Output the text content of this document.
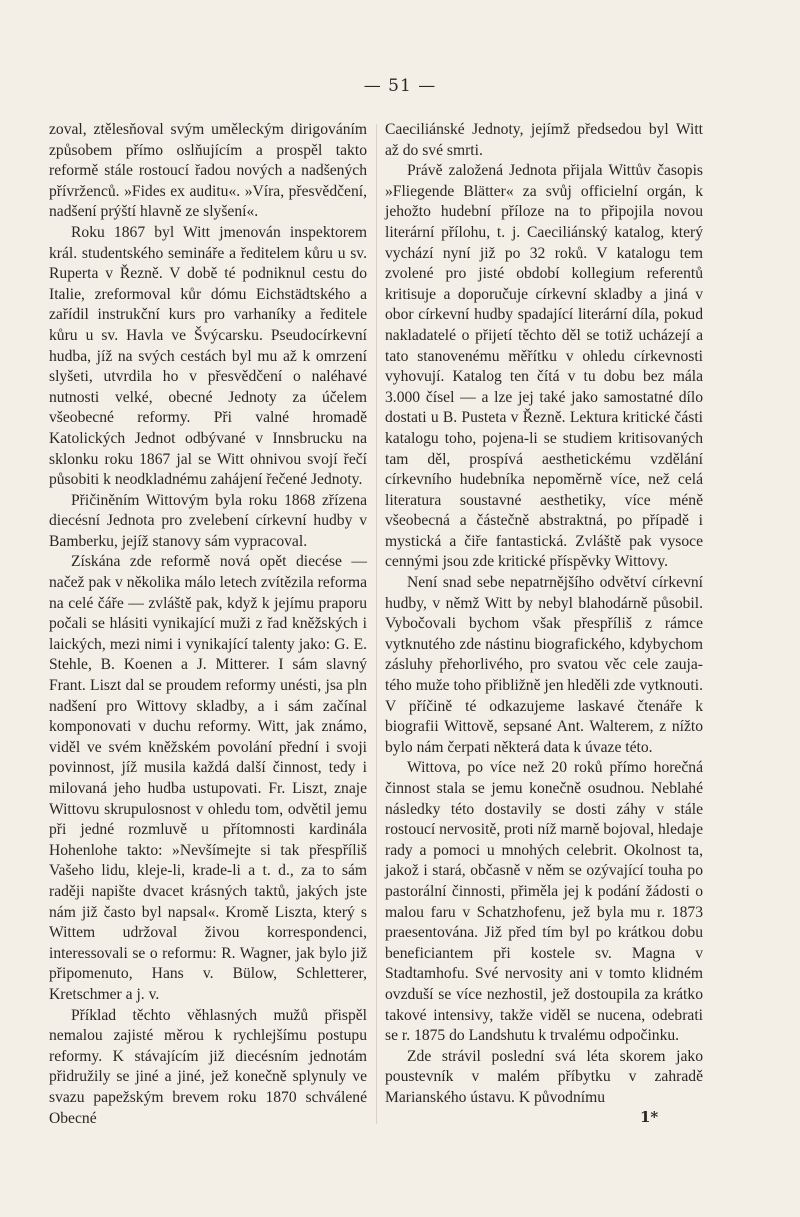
— 51 —

zoval, ztělesňoval svým uměleckým dirigováním způsobem přímo oslňujícím a prospěl takto reformě stále rostoucí řadou nových a nadšených přívrženců. »Fides ex auditu«. »Víra, přesvědčení, nadšení prýští hlavně ze slyšení«.

Roku 1867 byl Witt jmenován inspektorem král. studentského semináře a ředitelem kůru u sv. Ruperta v Řezně. V době té podniknul cestu do Italie, zreformoval kůr dómu Eichstädtského a zařídil instrukční kurs pro varhaníky a ředitele kůru u sv. Havla ve Švýcarsku. Pseudocírkevní hudba, jíž na svých cestách byl mu až k omrzení slyšeti, utvrdila ho v přesvědčení o naléhavé nutnosti velké, obecné Jednoty za účelem všeobecné reformy. Při valné hromadě Katolických Jednot odbývané v Innsbrucku na sklonku roku 1867 jal se Witt ohnivou svojí řečí působiti k neodkladnému zahájení řečené Jednoty.

Přičiněním Wittovým byla roku 1868 zřízena diecésní Jednota pro zvelebení církevní hudby v Bamberku, jejíž stanovy sám vypracoval.

Získána zde reformě nová opět diecése — načež pak v několika málo letech zvítězila reforma na celé čáře — zvláště pak, když k jejímu praporu počali se hlásiti vynikající muži z řad kněžských i laických, mezi nimi i vynikající talenty jako: G. E. Stehle, B. Koenen a J. Mitterer. I sám slavný Frant. Liszt dal se proudem reformy unésti, jsa pln nadšení pro Wittovy skladby, a i sám začínal komponovati v duchu reformy. Witt, jak známo, viděl ve svém kněžském povolání přední i svoji povinnost, jíž musila každá další činnost, tedy i milovaná jeho hudba ustupovati. Fr. Liszt, znaje Wittovu skrupulosnost v ohledu tom, odvětil jemu při jedné rozmluvě u přítomnosti kardinála Hohenlohe takto: »Nevšímejte si tak přespříliš Vašeho lidu, kleje-li, krade-li a t. d., za to sám raději napište dvacet krásných taktů, jakých jste nám již často byl napsal«. Kromě Liszta, který s Wittem udržoval živou korrespondenci, interessovali se o reformu: R. Wagner, jak bylo již připomenuto, Hans v. Bülow, Schletterer, Kretschmer a j. v.

Příklad těchto věhlasných mužů přispěl nemalou zajisté měrou k rychlejšímu postupu reformy. K stávajícím již diecésním jednotám přidružily se jiné a jiné, jež konečně splynuly ve svazu papežským brevem roku 1870 schválené Obecné

Caeciliánské Jednoty, jejímž předsedou byl Witt až do své smrti.

Právě založená Jednota přijala Wittův časopis »Fliegende Blätter« za svůj officielní orgán, k jehožto hudební příloze na to připojila novou literární přílohu, t. j. Caeciliánský katalog, který vychází nyní již po 32 roků. V katalogu tem zvolené pro jisté období kollegium referentů kritisuje a doporučuje církevní skladby a jiná v obor církevní hudby spadající literární díla, pokud nakladatelé o přijetí těchto děl se totiž ucházejí a tato stanovenému měřítku v ohledu církevnosti vyhovují. Katalog ten čítá v tu dobu bez mála 3.000 čísel — a lze jej také jako samostatné dílo dostati u B. Pusteta v Řezně. Lektura kritické části katalogu toho, pojena-li se studiem kritisovaných tam děl, prospívá aesthetickému vzdělání církevního hudebníka nepoměrně více, než celá literatura soustavné aesthetiky, více méně všeobecná a částečně abstraktná, po případě i mystická a čiře fantastická. Zvláště pak vysoce cennými jsou zde kritické příspěvky Wittovy.

Není snad sebe nepatrnějšího odvětví církevní hudby, v němž Witt by nebyl blahodárně působil. Vybočovali bychom však přespříliš z rámce vytknutého zde nástinu biografického, kdybychom zásluhy přehorlivého, pro svatou věc cele zaujatého muže toho přibližně jen hleděli zde vytknouti. V příčině té odkazujeme laskavé čtenáře k biografii Wittově, sepsané Ant. Walterem, z nížto bylo nám čerpati některá data k úvaze této.

Wittova, po více než 20 roků přímo horečná činnost stala se jemu konečně osudnou. Neblahé následky této dostavily se dosti záhy v stále rostoucí nervositě, proti níž marně bojoval, hledaje rady a pomoci u mnohých celebrit. Okolnost ta, jakož i stará, občasně v něm se ozývající touha po pastorální činnosti, přiměla jej k podání žádosti o malou faru v Schatzhofenu, jež byla mu r. 1873 praesentována. Již před tím byl po krátkou dobu beneficiantem při kostele sv. Magna v Stadtamhofu. Své nervosity ani v tomto klidném ovzduší se více nezhostil, jež dostoupila za krátko takové intensivy, takže viděl se nucena, odebrati se r. 1875 do Landshutu k trvalému odpočinku.

Zde strávil poslední svá léta skorem jako poustevník v malém příbytku v zahradě Marianského ústavu. K původnímu

1*
